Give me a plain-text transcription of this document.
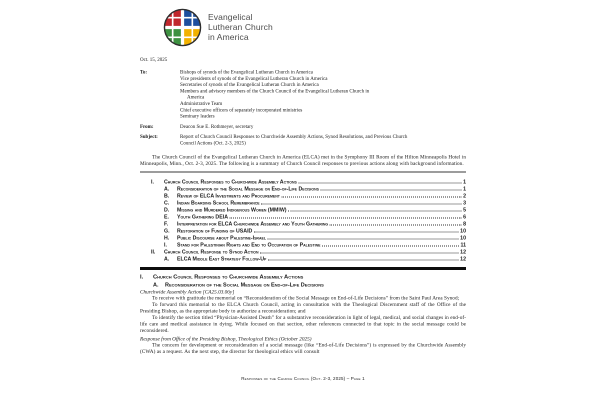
Evangelical
Lutheran Church
in America
Oct. 15, 2025
To:	Bishops of synods of the Evangelical Lutheran Church in America
Vice presidents of synods of the Evangelical Lutheran Church in America
Secretaries of synods of the Evangelical Lutheran Church in America
Members and advisory members of the Church Council of the Evangelical Lutheran Church in America
Administrative Team
Chief executive officers of separately incorporated ministries
Seminary leaders
From:	Deacon Sue E. Rothmeyer, secretary
Subject:	Report of Church Council Responses to Churchwide Assembly Actions, Synod Resolutions, and Previous Church Council Actions (Oct. 2-3, 2025)

The Church Council of the Evangelical Lutheran Church in America (ELCA) met in the Symphony III Room of the Hilton Minneapolis Hotel in Minneapolis, Minn., Oct. 2-3, 2025. The following is a summary of Church Council responses to previous actions along with background information.

I. Church Council Responses to Churchwide Assembly Actions	1
A. Reconsideration of the Social Message on End-of-Life Decisions	1
B. Review of ELCA Investments and Procurement	2
C. Indian Boarding School Remembrance	3
D. Missing and Murdered Indigenous Women (MMIW)	5
E. Youth Gathering DEIA	6
F. Interpretation for ELCA Churchwide Assembly and Youth Gathering	8
G. Restoration of Funding of USAID	10
H. Public Discourse about Palestine-Israel	10
I. Stand for Palestinian Rights and End to Occupation of Palestine	11
II. Church Council Response to Synod Action	12
A. ELCA Middle East Strategy Follow-Up	12
I. Church Council Responses to Churchwide Assembly Actions
A. Reconsideration of the Social Message on End-of-Life Decisions
Churchwide Assembly Action [CA25.03.06y]

To receive with gratitude the memorial on “Reconsideration of the Social Message on End-of-Life Decisions” from the Saint Paul Area Synod;

To forward this memorial to the ELCA Church Council, acting in consultation with the Theological Discernment staff of the Office of the Presiding Bishop, as the appropriate body to authorize a reconsideration; and

To identify the section titled “Physician-Assisted Death” for a substantive reconsideration in light of legal, medical, and social changes in end-of-life care and medical assistance in dying. While focused on that section, other references connected to that topic in the social message could be reconsidered.

Response from Office of the Presiding Bishop, Theological Ethics (October 2025)

The concern for development or reconsideration of a social message (like “End-of-Life Decisions”) is expressed by the Churchwide Assembly (CWA) as a request. As the next step, the director for theological ethics will consult

Responses of the Church Council (Oct. 2-3, 2025) – Page 1
